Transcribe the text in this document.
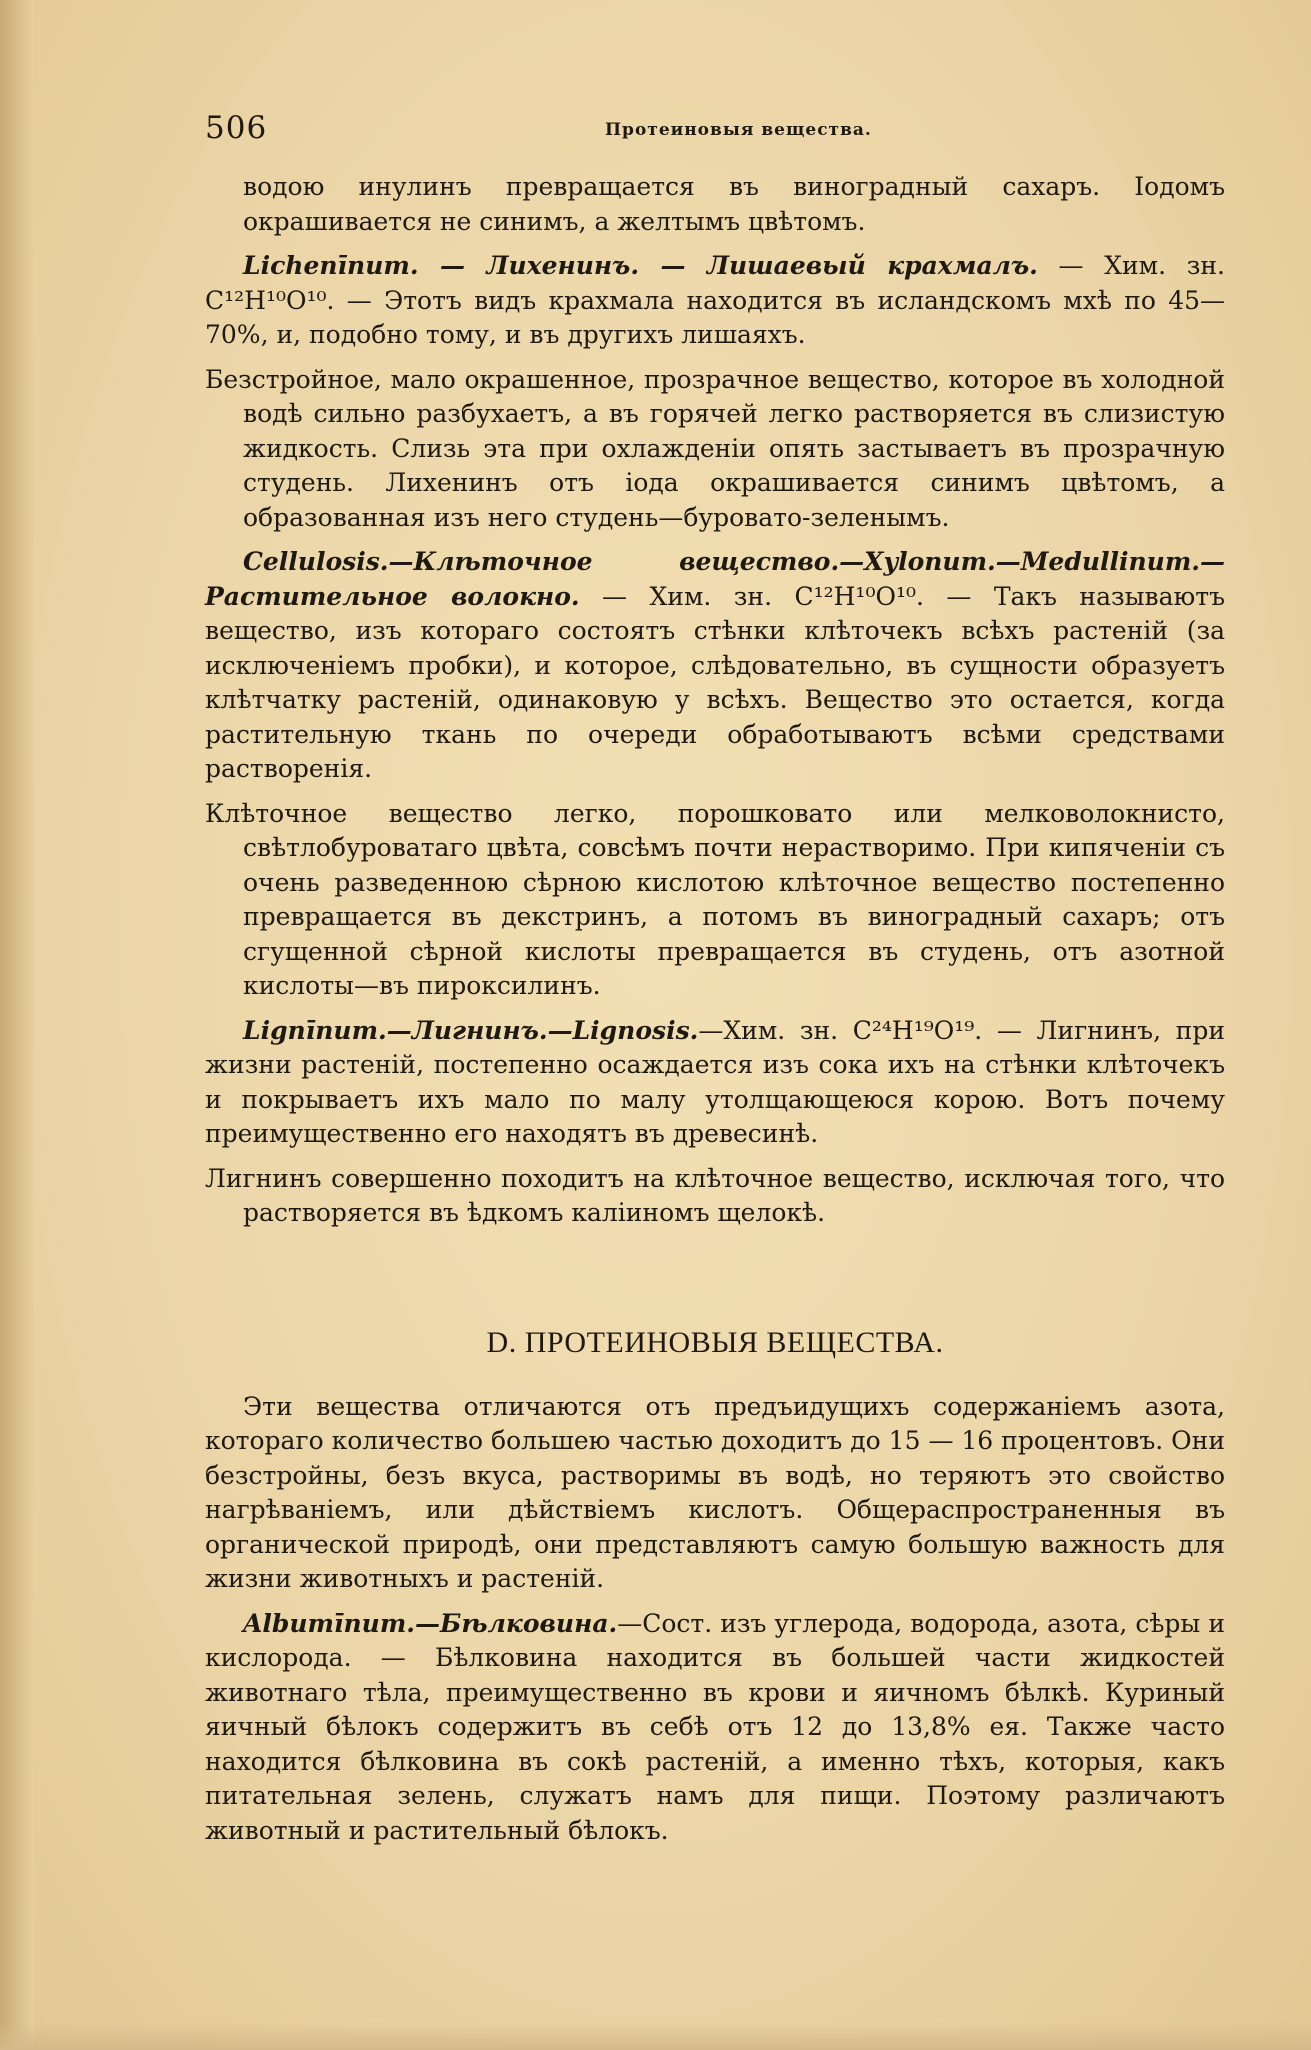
506	Протеиновыя вещества.

водою инулинъ превращается въ виноградный сахаръ. Іодомъ окрашивается не синимъ, а желтымъ цвѣтомъ.

Lichenīnum. — Лихенинъ. — Лишаевый крахмалъ. — Хим. зн. C¹²H¹⁰O¹⁰. — Этотъ видъ крахмала находится въ исландскомъ мхѣ по 45—70%, и, подобно тому, и въ другихъ лишаяхъ.

Безстройное, мало окрашенное, прозрачное вещество, которое въ холодной водѣ сильно разбухаетъ, а въ горячей легко растворяется въ слизистую жидкость. Слизь эта при охлажденіи опять застываетъ въ прозрачную студень. Лихенинъ отъ іода окрашивается синимъ цвѣтомъ, а образованная изъ него студень—буровато-зеленымъ.

Cellulosis.—Клѣточное вещество.—Xylonum.—Medullinum.—Растительное волокно. — Хим. зн. C¹²H¹⁰O¹⁰. — Такъ называютъ вещество, изъ котораго состоятъ стѣнки клѣточекъ всѣхъ растеній (за исключеніемъ пробки), и которое, слѣдовательно, въ сущности образуетъ клѣтчатку растеній, одинаковую у всѣхъ. Вещество это остается, когда растительную ткань по очереди обработываютъ всѣми средствами растворенія.

Клѣточное вещество легко, порошковато или мелковолокнисто, свѣтлобуроватаго цвѣта, совсѣмъ почти нерастворимо. При кипяченіи съ очень разведенною сѣрною кислотою клѣточное вещество постепенно превращается въ декстринъ, а потомъ въ виноградный сахаръ; отъ сгущенной сѣрной кислоты превращается въ студень, отъ азотной кислоты—въ пироксилинъ.

Lignīnum.—Лигнинъ.—Lignosis.—Хим. зн. C²⁴H¹⁹O¹⁹. — Лигнинъ, при жизни растеній, постепенно осаждается изъ сока ихъ на стѣнки клѣточекъ и покрываетъ ихъ мало по малу утолщающеюся корою. Вотъ почему преимущественно его находятъ въ древесинѣ.

Лигнинъ совершенно походитъ на клѣточное вещество, исключая того, что растворяется въ ѣдкомъ каліиномъ щелокѣ.

D. ПРОТЕИНОВЫЯ ВЕЩЕСТВА.

Эти вещества отличаются отъ предъидущихъ содержаніемъ азота, котораго количество большею частью доходитъ до 15 — 16 процентовъ. Они безстройны, безъ вкуса, растворимы въ водѣ, но теряютъ это свойство нагрѣваніемъ, или дѣйствіемъ кислотъ. Общераспространенныя въ органической природѣ, они представляютъ самую большую важность для жизни животныхъ и растеній.

Albumīnum.—Бѣлковина.—Сост. изъ углерода, водорода, азота, сѣры и кислорода. — Бѣлковина находится въ большей части жидкостей животнаго тѣла, преимущественно въ крови и яичномъ бѣлкѣ. Куриный яичный бѣлокъ содержитъ въ себѣ отъ 12 до 13,8% ея. Также часто находится бѣлковина въ сокѣ растеній, а именно тѣхъ, которыя, какъ питательная зелень, служатъ намъ для пищи. Поэтому различаютъ животный и растительный бѣлокъ.
